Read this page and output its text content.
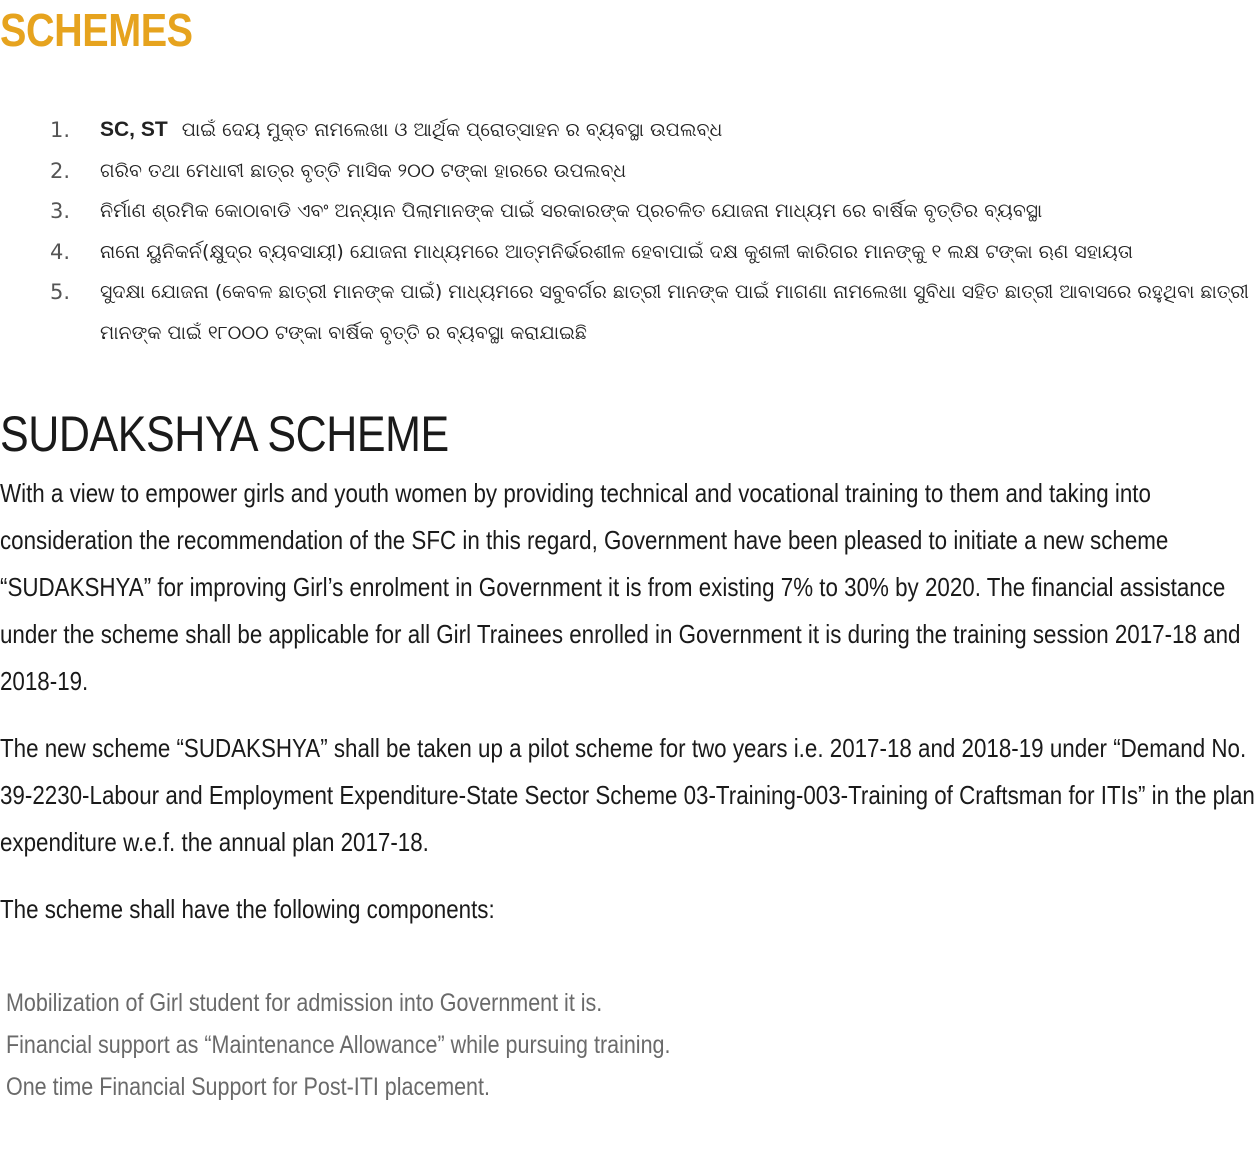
SCHEMES
1. SC, ST ପାଇଁ ଦେୟ ମୁକ୍ତ ନାମଲେଖା ଓ ଆର୍ଥିକ ପ୍ରୋତ୍ସାହନ ର ବ୍ୟବସ୍ଥା ଉପଲବ୍ଧ
2. ଗରିବ ତଥା ମେଧାବୀ ଛାତ୍ର ବୃତ୍ତି ମାସିକ ୨୦୦ ଟଙ୍କା ହାରରେ ଉପଲବ୍ଧ
3. ନିର୍ମାଣ ଶ୍ରମିକ କୋଠାବାଡି ଏବଂ ଅନ୍ୟାନ ପିଲାମାନଙ୍କ ପାଇଁ ସରକାରଙ୍କ ପ୍ରଚଳିତ ଯୋଜନା ମାଧ୍ୟମ ରେ ବାର୍ଷିକ ବୃତ୍ତିର ବ୍ୟବସ୍ଥା
4. ନାନୋ ୟୁନିକର୍ନ(କ୍ଷୁଦ୍ର ବ୍ୟବସାୟୀ) ଯୋଜନା ମାଧ୍ୟମରେ ଆତ୍ମନିର୍ଭରଶୀଳ ହେବାପାଇଁ ଦକ୍ଷ କୁଶଳୀ କାରିଗର ମାନଙ୍କୁ ୧ ଲକ୍ଷ ଟଙ୍କା ଋଣ ସହାୟତା
5. ସୁଦକ୍ଷା ଯୋଜନା (କେବଳ ଛାତ୍ରୀ ମାନଙ୍କ ପାଇଁ) ମାଧ୍ୟମରେ ସବୁବର୍ଗର ଛାତ୍ରୀ ମାନଙ୍କ ପାଇଁ ମାଗଣା ନାମଲେଖା ସୁବିଧା ସହିତ ଛାତ୍ରୀ ଆବାସରେ ରହୁଥିବା ଛାତ୍ରୀ ମାନଙ୍କ ପାଇଁ ୧୮୦୦୦ ଟଙ୍କା ବାର୍ଷିକ ବୃତ୍ତି ର ବ୍ୟବସ୍ଥା କରାଯାଇଛି
SUDAKSHYA SCHEME

With a view to empower girls and youth women by providing technical and vocational training to them and taking into consideration the recommendation of the SFC in this regard, Government have been pleased to initiate a new scheme “SUDAKSHYA” for improving Girl’s enrolment in Government it is from existing 7% to 30% by 2020. The financial assistance under the scheme shall be applicable for all Girl Trainees enrolled in Government it is during the training session 2017-18 and 2018-19.

The new scheme “SUDAKSHYA” shall be taken up a pilot scheme for two years i.e. 2017-18 and 2018-19 under “Demand No. 39-2230-Labour and Employment Expenditure-State Sector Scheme 03-Training-003-Training of Craftsman for ITIs” in the plan expenditure w.e.f. the annual plan 2017-18.

The scheme shall have the following components:

Mobilization of Girl student for admission into Government it is.
Financial support as “Maintenance Allowance” while pursuing training.
One time Financial Support for Post-ITI placement.
